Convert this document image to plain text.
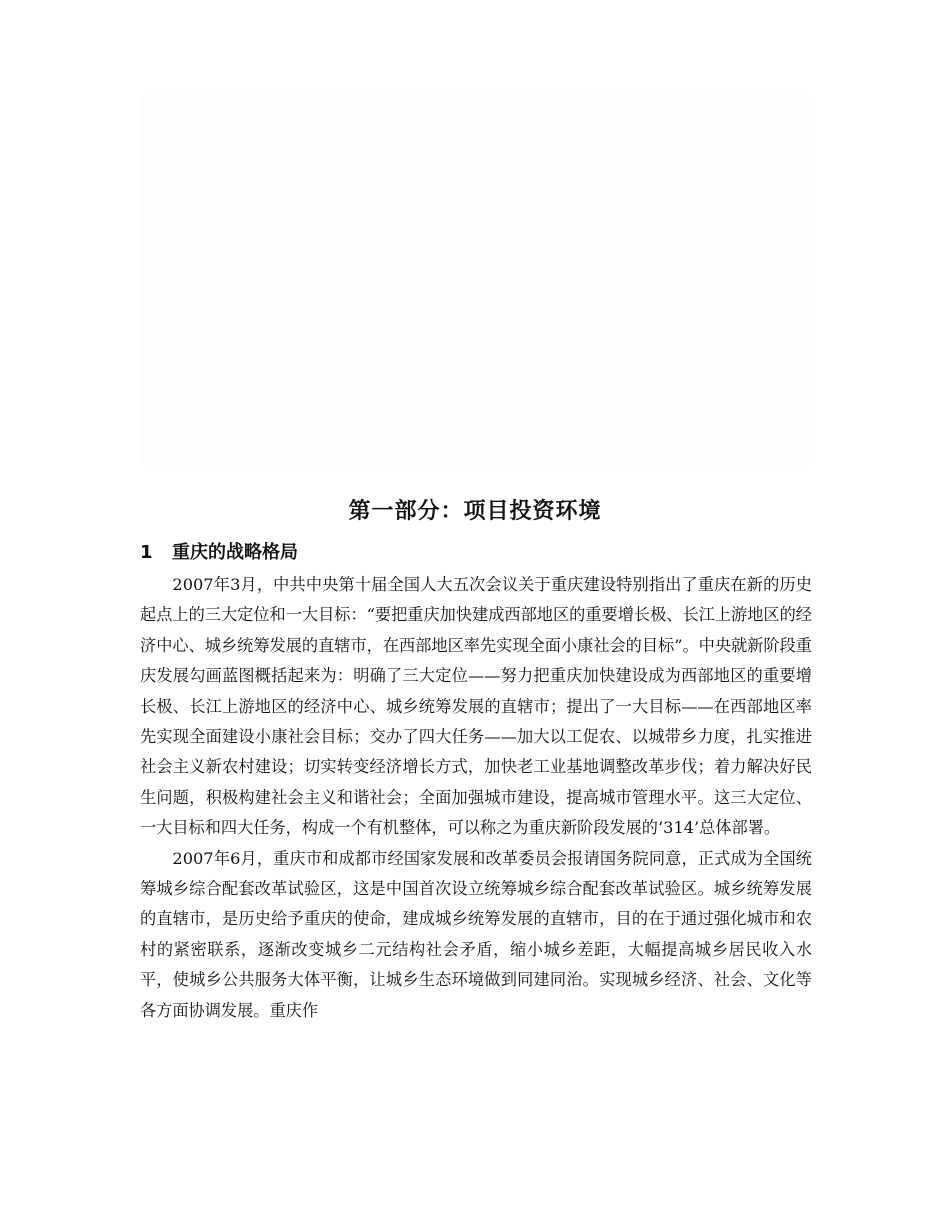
第一部分：项目投资环境
1 重庆的战略格局

2007年3月，中共中央第十届全国人大五次会议关于重庆建设特别指出了重庆在新的历史起点上的三大定位和一大目标：“要把重庆加快建成西部地区的重要增长极、长江上游地区的经济中心、城乡统筹发展的直辖市，在西部地区率先实现全面小康社会的目标”。中央就新阶段重庆发展勾画蓝图概括起来为：明确了三大定位——努力把重庆加快建设成为西部地区的重要增长极、长江上游地区的经济中心、城乡统筹发展的直辖市；提出了一大目标——在西部地区率先实现全面建设小康社会目标；交办了四大任务——加大以工促农、以城带乡力度，扎实推进社会主义新农村建设；切实转变经济增长方式，加快老工业基地调整改革步伐；着力解决好民生问题，积极构建社会主义和谐社会；全面加强城市建设，提高城市管理水平。这三大定位、一大目标和四大任务，构成一个有机整体，可以称之为重庆新阶段发展的‘314’总体部署。

2007年6月，重庆市和成都市经国家发展和改革委员会报请国务院同意，正式成为全国统筹城乡综合配套改革试验区，这是中国首次设立统筹城乡综合配套改革试验区。城乡统筹发展的直辖市，是历史给予重庆的使命，建成城乡统筹发展的直辖市，目的在于通过强化城市和农村的紧密联系，逐渐改变城乡二元结构社会矛盾，缩小城乡差距，大幅提高城乡居民收入水平，使城乡公共服务大体平衡，让城乡生态环境做到同建同治。实现城乡经济、社会、文化等各方面协调发展。重庆作
